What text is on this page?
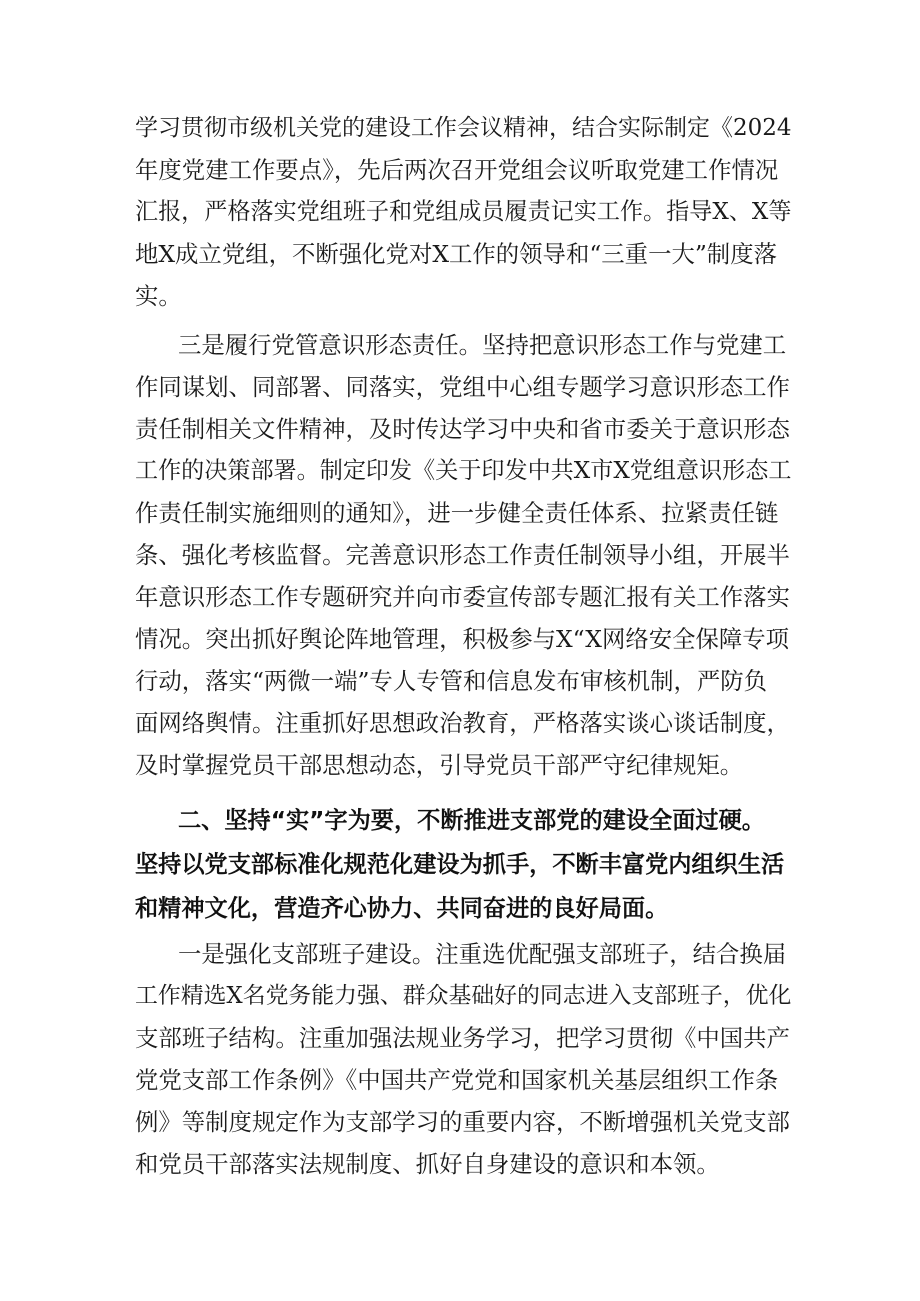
学习贯彻市级机关党的建设工作会议精神，结合实际制定《2024
年度党建工作要点》，先后两次召开党组会议听取党建工作情况
汇报，严格落实党组班子和党组成员履责记实工作。指导X、X等
地X成立党组，不断强化党对X工作的领导和“三重一大”制度落
实。
三是履行党管意识形态责任。坚持把意识形态工作与党建工
作同谋划、同部署、同落实，党组中心组专题学习意识形态工作
责任制相关文件精神，及时传达学习中央和省市委关于意识形态
工作的决策部署。制定印发《关于印发中共X市X党组意识形态工
作责任制实施细则的通知》，进一步健全责任体系、拉紧责任链
条、强化考核监督。完善意识形态工作责任制领导小组，开展半
年意识形态工作专题研究并向市委宣传部专题汇报有关工作落实
情况。突出抓好舆论阵地管理，积极参与X“X网络安全保障专项
行动，落实“两微一端”专人专管和信息发布审核机制，严防负
面网络舆情。注重抓好思想政治教育，严格落实谈心谈话制度，
及时掌握党员干部思想动态，引导党员干部严守纪律规矩。
二、坚持“实”字为要，不断推进支部党的建设全面过硬。
坚持以党支部标准化规范化建设为抓手，不断丰富党内组织生活
和精神文化，营造齐心协力、共同奋进的良好局面。
一是强化支部班子建设。注重选优配强支部班子，结合换届
工作精选X名党务能力强、群众基础好的同志进入支部班子，优化
支部班子结构。注重加强法规业务学习，把学习贯彻《中国共产
党党支部工作条例》《中国共产党党和国家机关基层组织工作条
例》等制度规定作为支部学习的重要内容，不断增强机关党支部
和党员干部落实法规制度、抓好自身建设的意识和本领。
